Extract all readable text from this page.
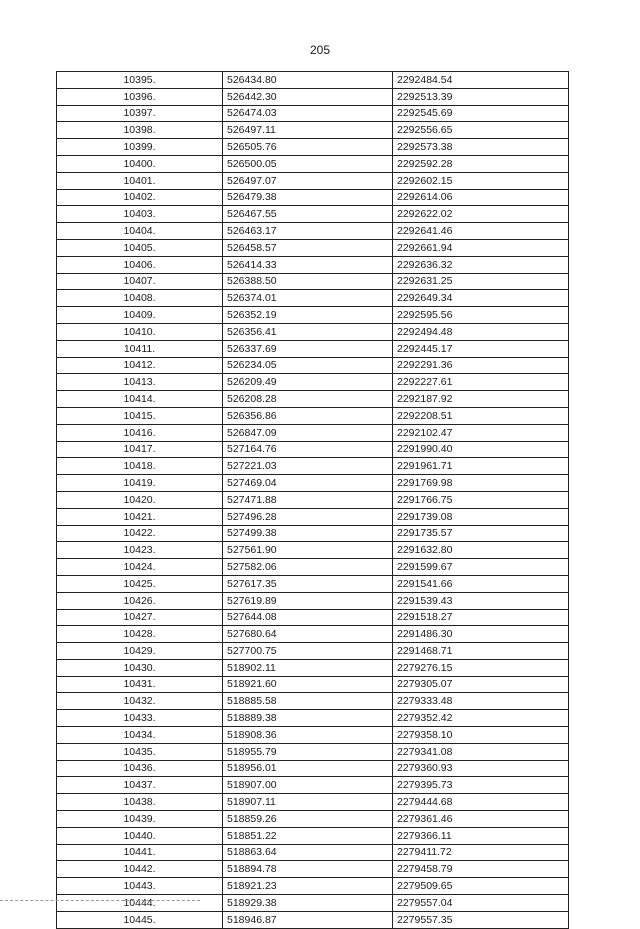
205
10395.	526434.80	2292484.54
10396.	526442.30	2292513.39
10397.	526474.03	2292545.69
10398.	526497.11	2292556.65
10399.	526505.76	2292573.38
10400.	526500.05	2292592.28
10401.	526497.07	2292602.15
10402.	526479.38	2292614.06
10403.	526467.55	2292622.02
10404.	526463.17	2292641.46
10405.	526458.57	2292661.94
10406.	526414.33	2292636.32
10407.	526388.50	2292631.25
10408.	526374.01	2292649.34
10409.	526352.19	2292595.56
10410.	526356.41	2292494.48
10411.	526337.69	2292445.17
10412.	526234.05	2292291.36
10413.	526209.49	2292227.61
10414.	526208.28	2292187.92
10415.	526356.86	2292208.51
10416.	526847.09	2292102.47
10417.	527164.76	2291990.40
10418.	527221.03	2291961.71
10419.	527469.04	2291769.98
10420.	527471.88	2291766.75
10421.	527496.28	2291739.08
10422.	527499.38	2291735.57
10423.	527561.90	2291632.80
10424.	527582.06	2291599.67
10425.	527617.35	2291541.66
10426.	527619.89	2291539.43
10427.	527644.08	2291518.27
10428.	527680.64	2291486.30
10429.	527700.75	2291468.71
10430.	518902.11	2279276.15
10431.	518921.60	2279305.07
10432.	518885.58	2279333.48
10433.	518889.38	2279352.42
10434.	518908.36	2279358.10
10435.	518955.79	2279341.08
10436.	518956.01	2279360.93
10437.	518907.00	2279395.73
10438.	518907.11	2279444.68
10439.	518859.26	2279361.46
10440.	518851.22	2279366.11
10441.	518863.64	2279411.72
10442.	518894.78	2279458.79
10443.	518921.23	2279509.65
10444.	518929.38	2279557.04
10445.	518946.87	2279557.35
